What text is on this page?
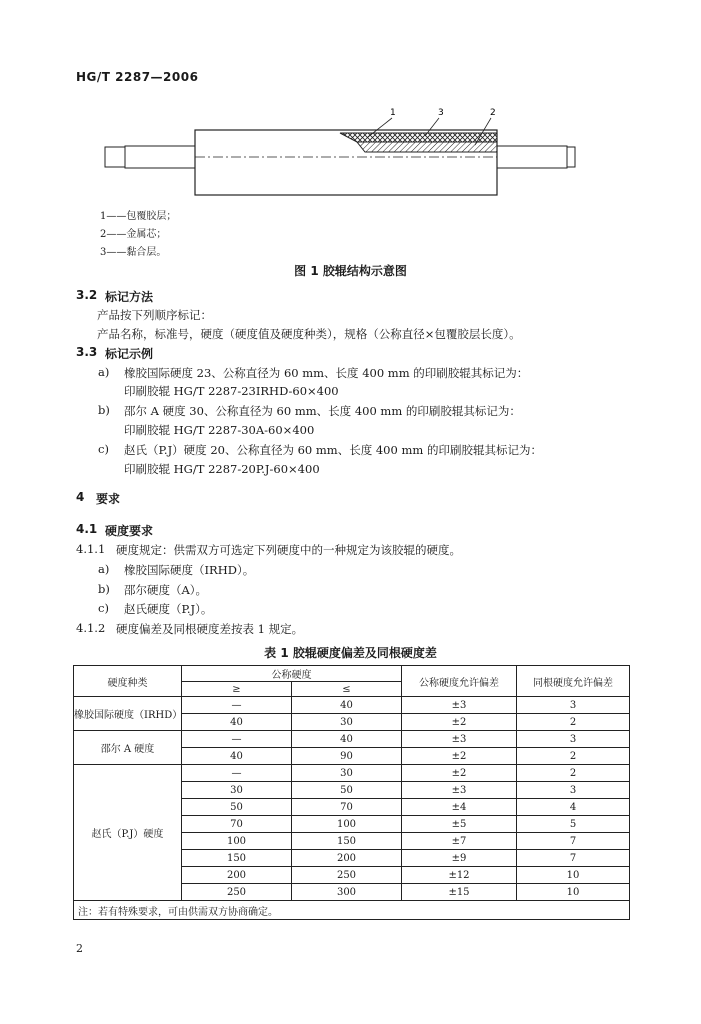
HG/T 2287—2006
1	3	2
1——包覆胶层；
2——金属芯；
3——黏合层。
图 1 胶辊结构示意图
3.2 标记方法
产品按下列顺序标记：
产品名称，标准号，硬度（硬度值及硬度种类），规格（公称直径×包覆胶层长度）。
3.3 标记示例
a) 橡胶国际硬度 23、公称直径为 60 mm、长度 400 mm 的印刷胶辊其标记为：
印刷胶辊 HG/T 2287-23IRHD-60×400
b) 邵尔 A 硬度 30、公称直径为 60 mm、长度 400 mm 的印刷胶辊其标记为：
印刷胶辊 HG/T 2287-30A-60×400
c) 赵氏（P.J）硬度 20、公称直径为 60 mm、长度 400 mm 的印刷胶辊其标记为：
印刷胶辊 HG/T 2287-20P.J-60×400
4 要求
4.1 硬度要求
4.1.1 硬度规定：供需双方可选定下列硬度中的一种规定为该胶辊的硬度。
a) 橡胶国际硬度（IRHD）。
b) 邵尔硬度（A）。
c) 赵氏硬度（P.J）。
4.1.2 硬度偏差及同根硬度差按表 1 规定。
表 1 胶辊硬度偏差及同根硬度差
硬度种类	公称硬度		公称硬度允许偏差	同根硬度允许偏差
	≥	≤		
橡胶国际硬度（IRHD）	—	40	±3	3
	40	30	±2	2
邵尔 A 硬度	—	40	±3	3
	40	90	±2	2
赵氏（P.J）硬度	—	30	±2	2
	30	50	±3	3
	50	70	±4	4
	70	100	±5	5
	100	150	±7	7
	150	200	±9	7
	200	250	±12	10
	250	300	±15	10
注：若有特殊要求，可由供需双方协商确定。				
2
